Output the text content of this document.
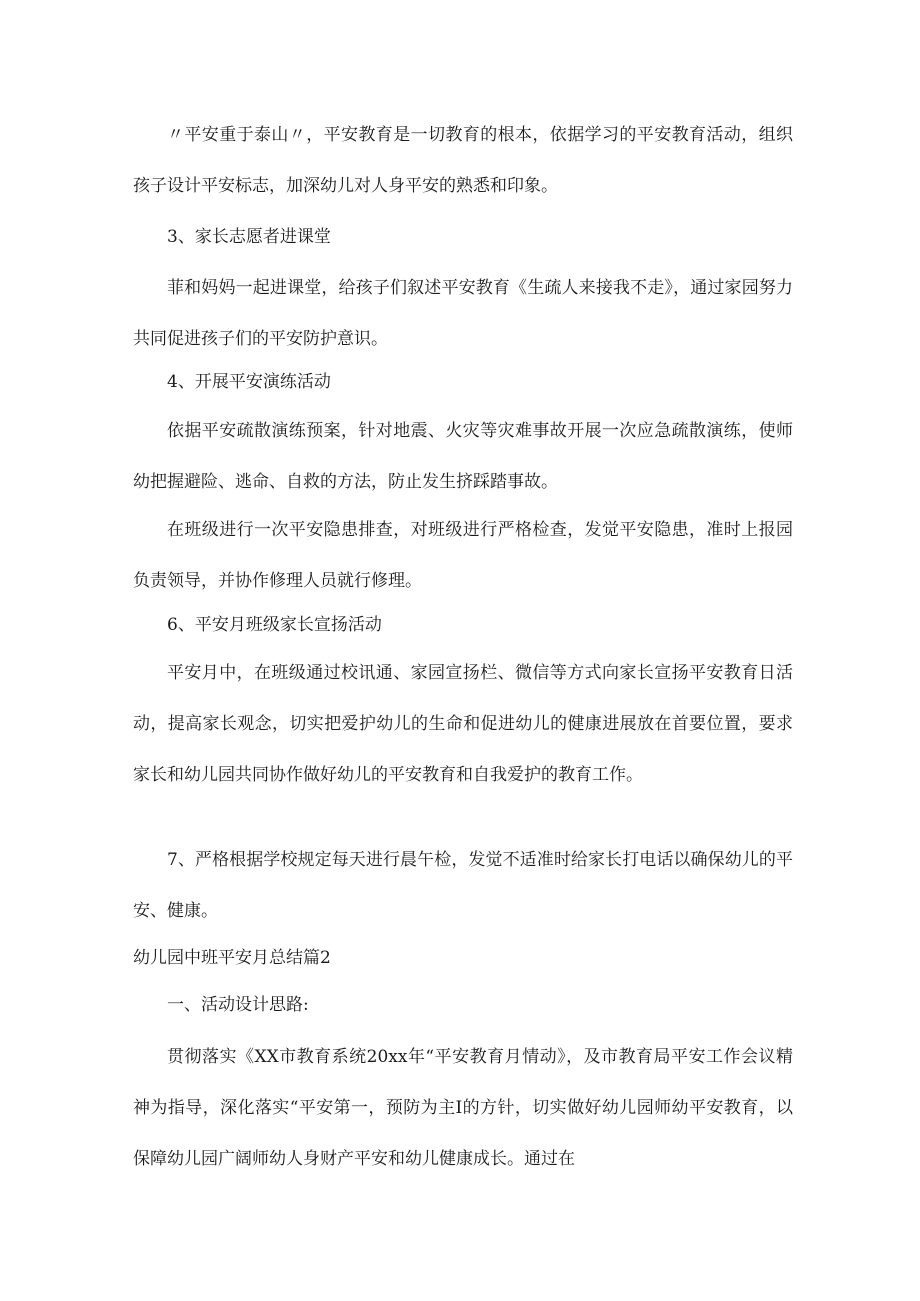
〃平安重于泰山〃，平安教育是一切教育的根本，依据学习的平安教育活动，组织孩子设计平安标志，加深幼儿对人身平安的熟悉和印象。

3、家长志愿者进课堂

菲和妈妈一起进课堂，给孩子们叙述平安教育《生疏人来接我不走》，通过家园努力共同促进孩子们的平安防护意识。

4、开展平安演练活动

依据平安疏散演练预案，针对地震、火灾等灾难事故开展一次应急疏散演练，使师幼把握避险、逃命、自救的方法，防止发生挤踩踏事故。

在班级进行一次平安隐患排查，对班级进行严格检查，发觉平安隐患，准时上报园负责领导，并协作修理人员就行修理。

6、平安月班级家长宣扬活动

平安月中，在班级通过校讯通、家园宣扬栏、微信等方式向家长宣扬平安教育日活动，提高家长观念，切实把爱护幼儿的生命和促进幼儿的健康进展放在首要位置，要求家长和幼儿园共同协作做好幼儿的平安教育和自我爱护的教育工作。

7、严格根据学校规定每天进行晨午检，发觉不适准时给家长打电话以确保幼儿的平安、健康。

幼儿园中班平安月总结篇2

一、活动设计思路:

贯彻落实《XX市教育系统20xx年“平安教育月情动》，及市教育局平安工作会议精神为指导，深化落实“平安第一，预防为主I的方针，切实做好幼儿园师幼平安教育，以保障幼儿园广阔师幼人身财产平安和幼儿健康成长。通过在
